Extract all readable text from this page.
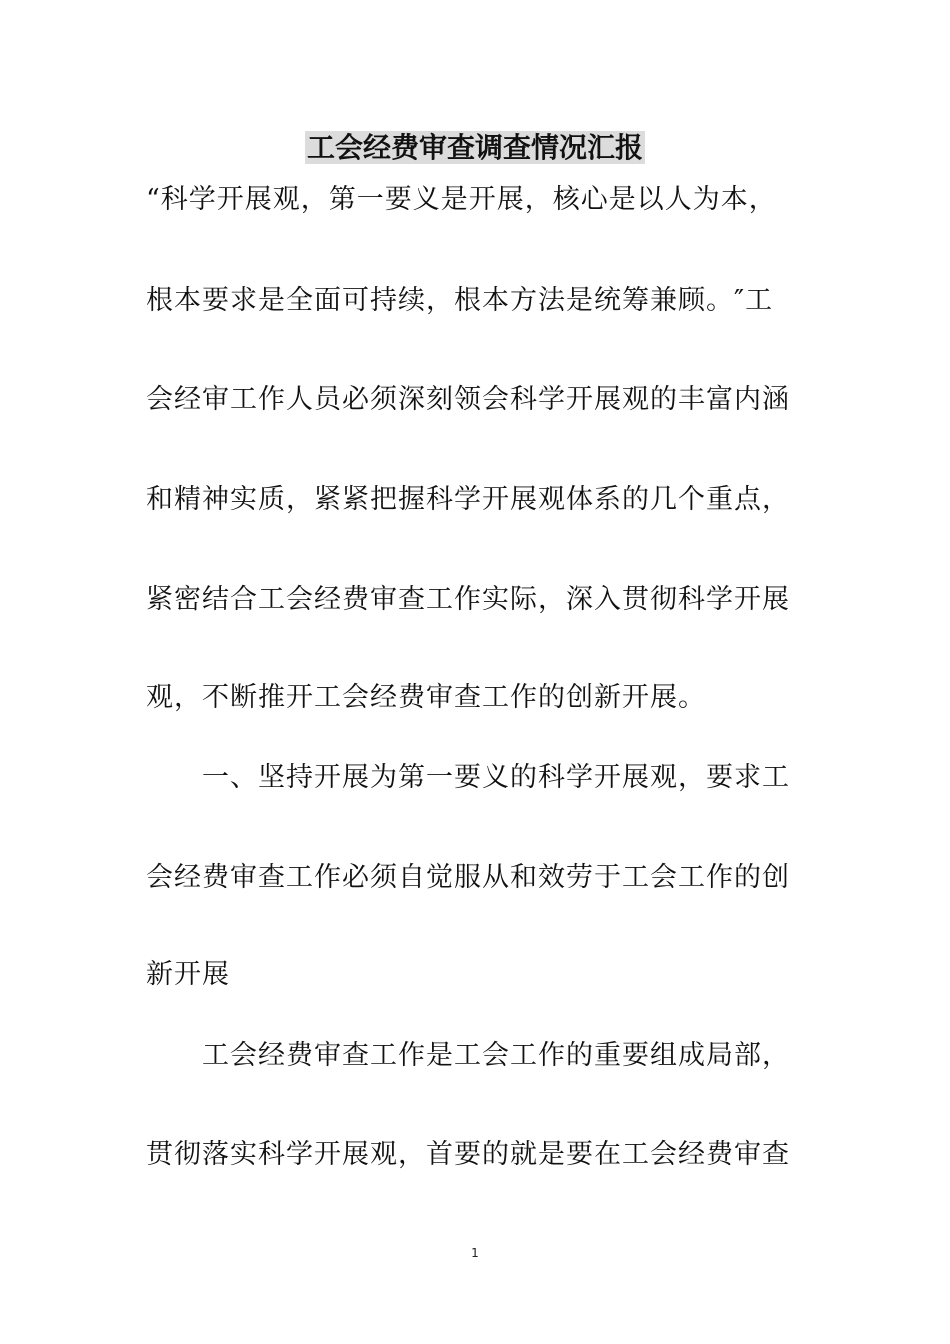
工会经费审查调查情况汇报
“科学开展观，第一要义是开展，核心是以人为本，
根本要求是全面可持续，根本方法是统筹兼顾。″工
会经审工作人员必须深刻领会科学开展观的丰富内涵
和精神实质，紧紧把握科学开展观体系的几个重点，
紧密结合工会经费审查工作实际，深入贯彻科学开展
观，不断推开工会经费审查工作的创新开展。
一、坚持开展为第一要义的科学开展观，要求工
会经费审查工作必须自觉服从和效劳于工会工作的创
新开展
工会经费审查工作是工会工作的重要组成局部，
贯彻落实科学开展观，首要的就是要在工会经费审查
1
